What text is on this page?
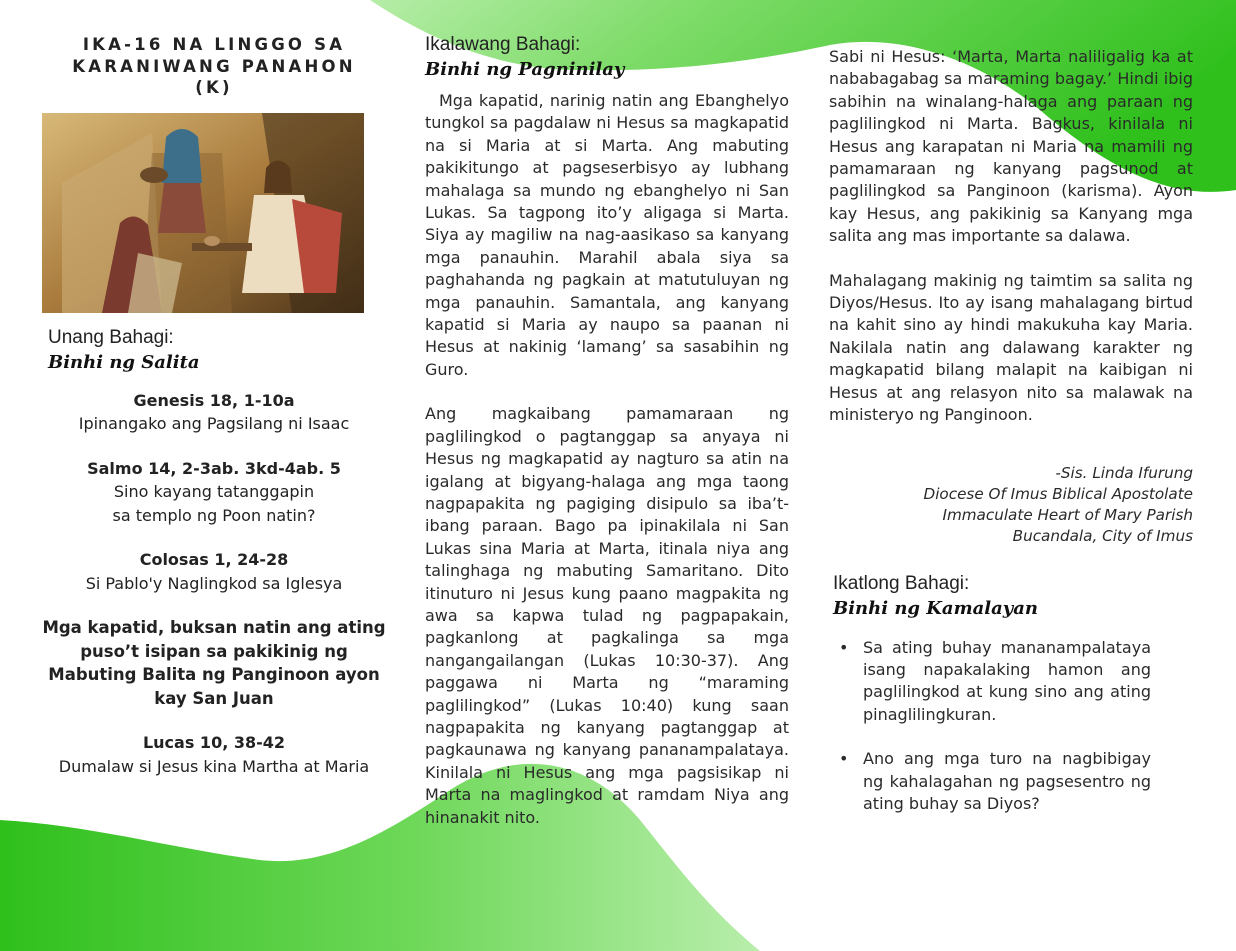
IKA-16 NA LINGGO SA
KARANIWANG PANAHON
(K)
Unang Bahagi:
Binhi ng Salita
Genesis 18, 1-10a
Ipinangako ang Pagsilang ni Isaac
Salmo 14, 2-3ab. 3kd-4ab. 5
Sino kayang tatanggapin
sa templo ng Poon natin?
Colosas 1, 24-28
Si Pablo'y Naglingkod sa Iglesya
Mga kapatid, buksan natin ang ating puso’t isipan sa pakikinig ng Mabuting Balita ng Panginoon ayon kay San Juan
Lucas 10, 38-42
Dumalaw si Jesus kina Martha at Maria
Ikalawang Bahagi:
Binhi ng Pagninilay

Mga kapatid, narinig natin ang Ebanghelyo tungkol sa pagdalaw ni Hesus sa magkapatid na si Maria at si Marta. Ang mabuting pakikitungo at pagseserbisyo ay lubhang mahalaga sa mundo ng ebanghelyo ni San Lukas. Sa tagpong ito’y aligaga si Marta. Siya ay magiliw na nag-aasikaso sa kanyang mga panauhin. Marahil abala siya sa paghahanda ng pagkain at matutuluyan ng mga panauhin. Samantala, ang kanyang kapatid si Maria ay naupo sa paanan ni Hesus at nakinig ‘lamang’ sa sasabihin ng Guro.

Ang magkaibang pamamaraan ng paglilingkod o pagtanggap sa anyaya ni Hesus ng magkapatid ay nagturo sa atin na igalang at bigyang-halaga ang mga taong nagpapakita ng pagiging disipulo sa iba’t-ibang paraan. Bago pa ipinakilala ni San Lukas sina Maria at Marta, itinala niya ang talinghaga ng mabuting Samaritano. Dito itinuturo ni Jesus kung paano magpakita ng awa sa kapwa tulad ng pagpapakain, pagkanlong at pagkalinga sa mga nangangailangan (Lukas 10:30-37). Ang paggawa ni Marta ng “maraming paglilingkod” (Lukas 10:40) kung saan nagpapakita ng kanyang pagtanggap at pagkaunawa ng kanyang pananampalataya. Kinilala ni Hesus ang mga pagsisikap ni Marta na maglingkod at ramdam Niya ang hinanakit nito.

Sabi ni Hesus: ‘Marta, Marta naliligalig ka at nababagabag sa maraming bagay.’ Hindi ibig sabihin na winalang-halaga ang paraan ng paglilingkod ni Marta. Bagkus, kinilala ni Hesus ang karapatan ni Maria na mamili ng pamamaraan ng kanyang pagsunod at paglilingkod sa Panginoon (karisma). Ayon kay Hesus, ang pakikinig sa Kanyang mga salita ang mas importante sa dalawa.

Mahalagang makinig ng taimtim sa salita ng Diyos/Hesus. Ito ay isang mahalagang birtud na kahit sino ay hindi makukuha kay Maria. Nakilala natin ang dalawang karakter ng magkapatid bilang malapit na kaibigan ni Hesus at ang relasyon nito sa malawak na ministeryo ng Panginoon.

-Sis. Linda Ifurung
Diocese Of Imus Biblical Apostolate
Immaculate Heart of Mary Parish
Bucandala, City of Imus
Ikatlong Bahagi:
Binhi ng Kamalayan
• Sa ating buhay mananampalataya isang napakalaking hamon ang paglilingkod at kung sino ang ating pinaglilingkuran.
• Ano ang mga turo na nagbibigay ng kahalagahan ng pagsesentro ng ating buhay sa Diyos?
